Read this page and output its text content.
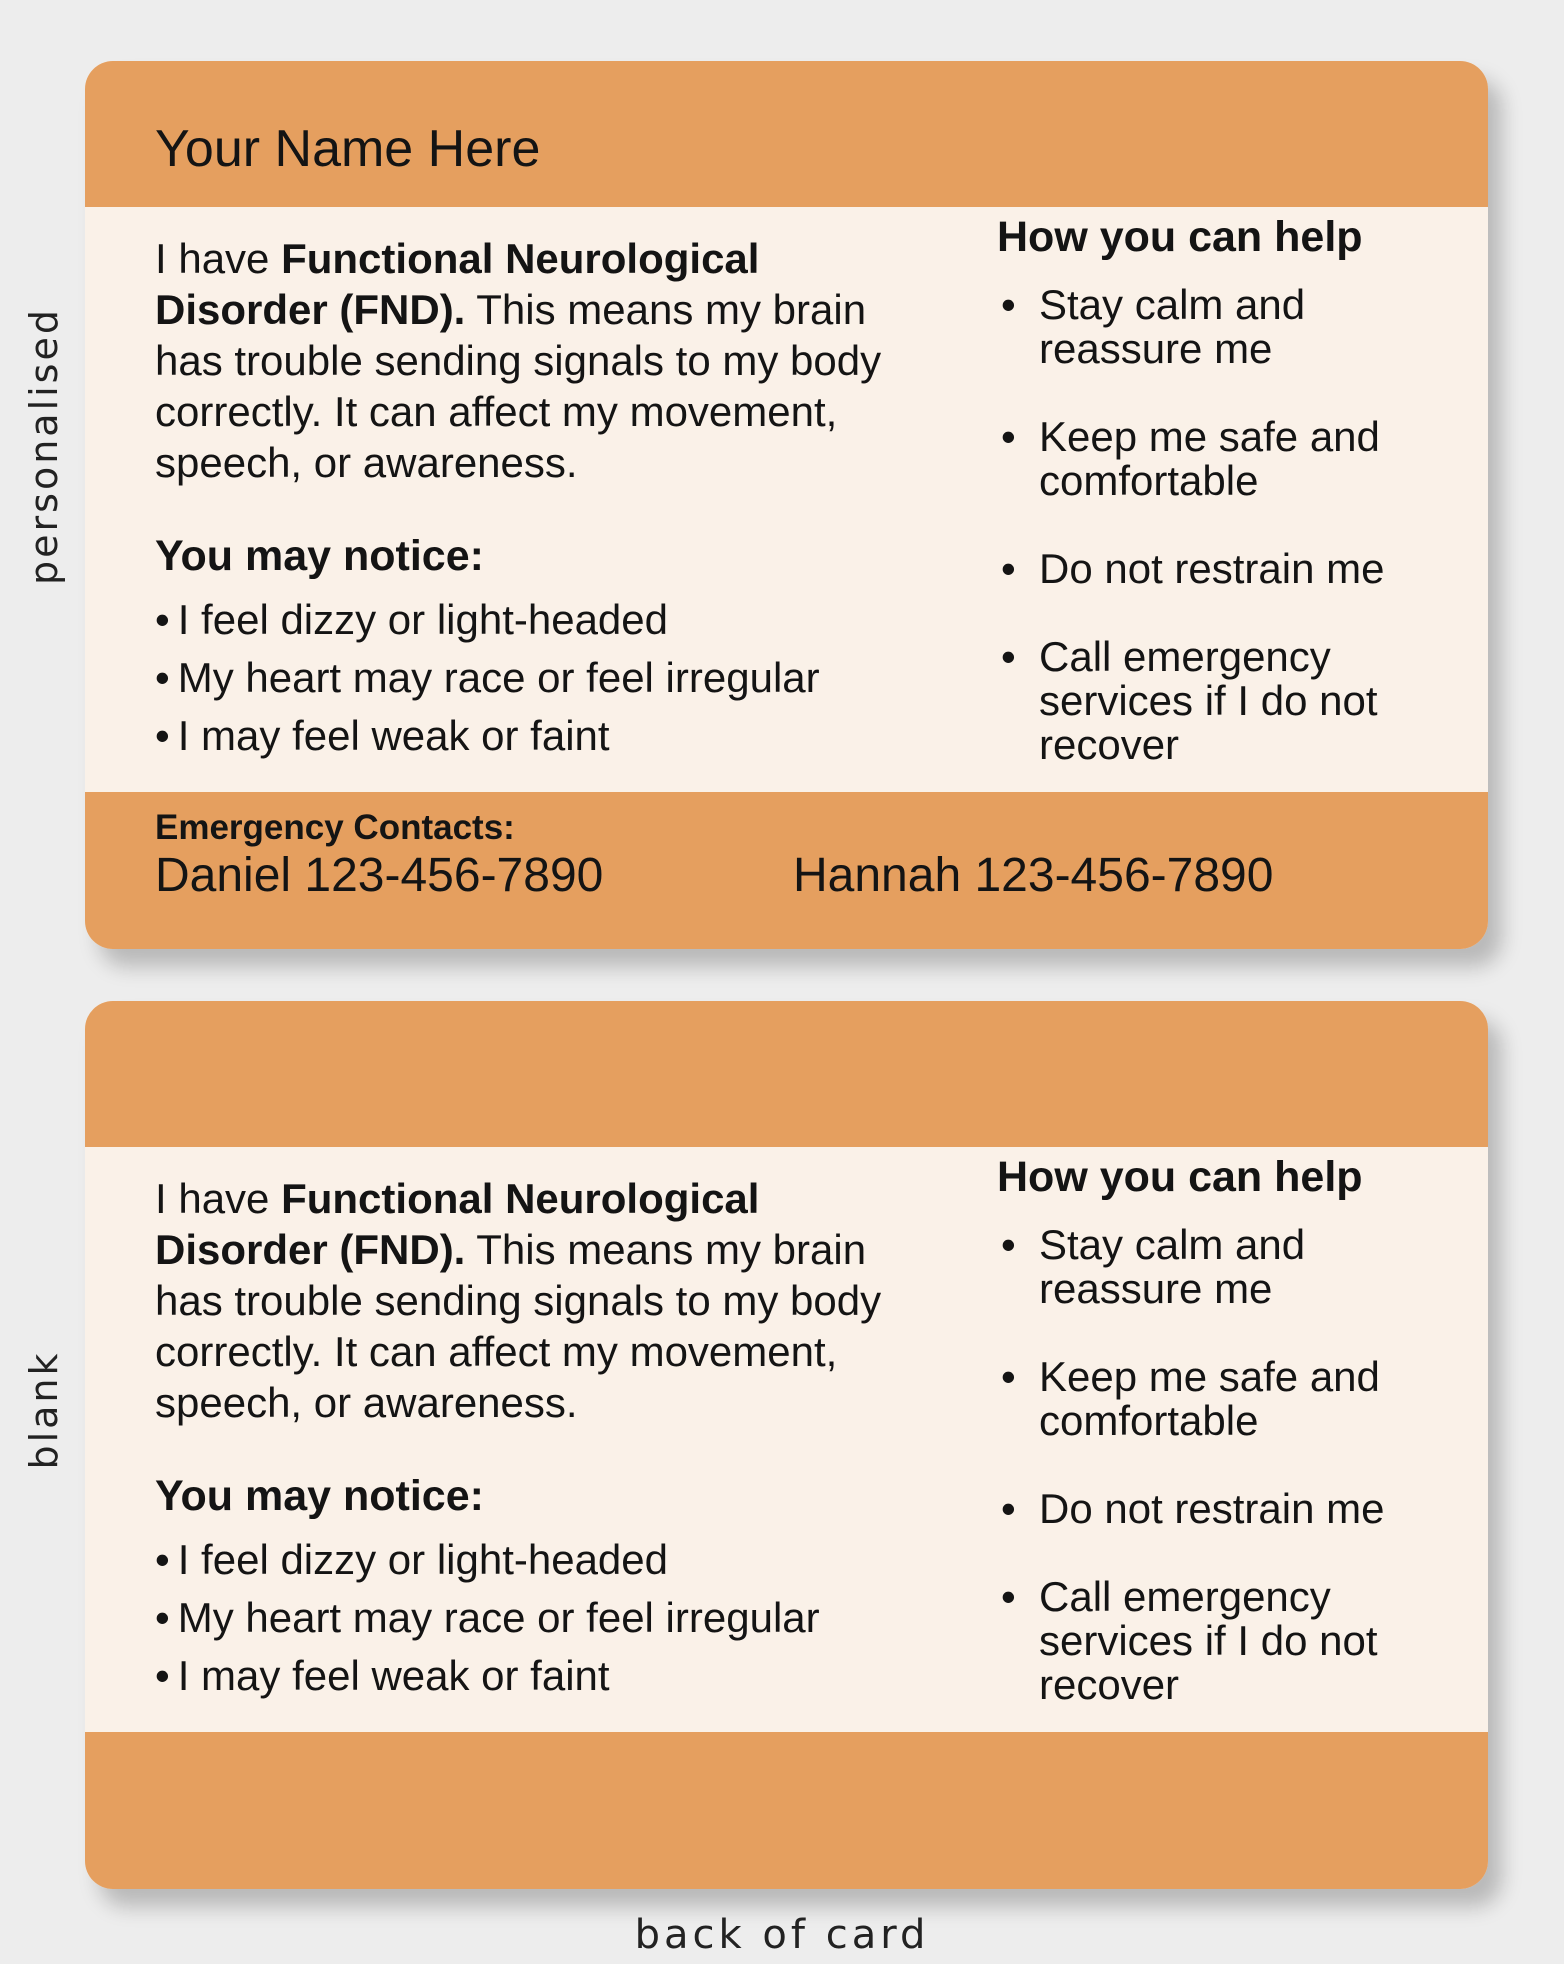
personalised
Your Name Here
I have Functional Neurological Disorder (FND). This means my brain has trouble sending signals to my body correctly. It can affect my movement, speech, or awareness.
You may notice:
• I feel dizzy or light-headed
• My heart may race or feel irregular
• I may feel weak or faint
How you can help
• Stay calm and reassure me
• Keep me safe and comfortable
• Do not restrain me
• Call emergency services if I do not recover
Emergency Contacts:
Daniel 123-456-7890	Hannah 123-456-7890
blank
I have Functional Neurological Disorder (FND). This means my brain has trouble sending signals to my body correctly. It can affect my movement, speech, or awareness.
You may notice:
• I feel dizzy or light-headed
• My heart may race or feel irregular
• I may feel weak or faint
How you can help
• Stay calm and reassure me
• Keep me safe and comfortable
• Do not restrain me
• Call emergency services if I do not recover
back of card
